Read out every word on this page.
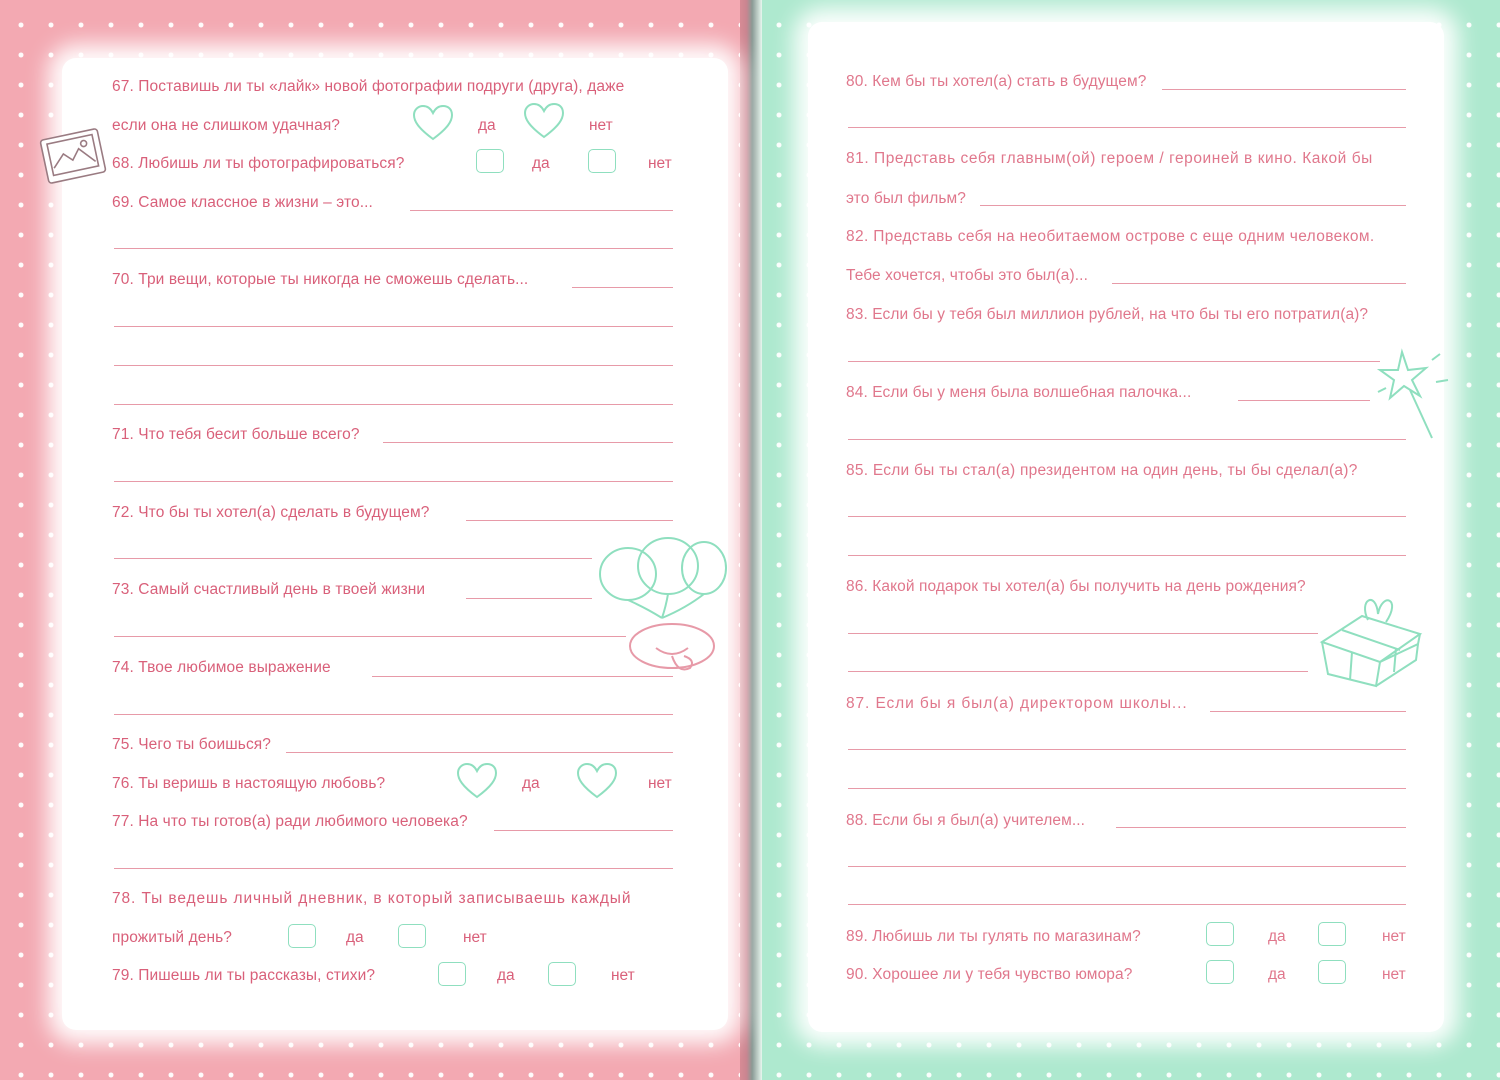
67. Поставишь ли ты «лайк» новой фотографии подруги (друга), даже
если она не слишком удачная?	да	нет
68. Любишь ли ты фотографироваться?	да	нет
69. Самое классное в жизни – это...
70. Три вещи, которые ты никогда не сможешь сделать...
71. Что тебя бесит больше всего?
72. Что бы ты хотел(а) сделать в будущем?
73. Самый счастливый день в твоей жизни
74. Твое любимое выражение
75. Чего ты боишься?
76. Ты веришь в настоящую любовь?	да	нет
77. На что ты готов(а) ради любимого человека?
78. Ты ведешь личный дневник, в который записываешь каждый
прожитый день?	да	нет
79. Пишешь ли ты рассказы, стихи?	да	нет
80. Кем бы ты хотел(а) стать в будущем?
81. Представь себя главным(ой) героем / героиней в кино. Какой бы
это был фильм?
82. Представь себя на необитаемом острове с еще одним человеком.
Тебе хочется, чтобы это был(а)...
83. Если бы у тебя был миллион рублей, на что бы ты его потратил(а)?
84. Если бы у меня была волшебная палочка...
85. Если бы ты стал(а) президентом на один день, ты бы сделал(а)?
86. Какой подарок ты хотел(а) бы получить на день рождения?
87. Если бы я был(а) директором школы...
88. Если бы я был(а) учителем...
89. Любишь ли ты гулять по магазинам?	да	нет
90. Хорошее ли у тебя чувство юмора?	да	нет
